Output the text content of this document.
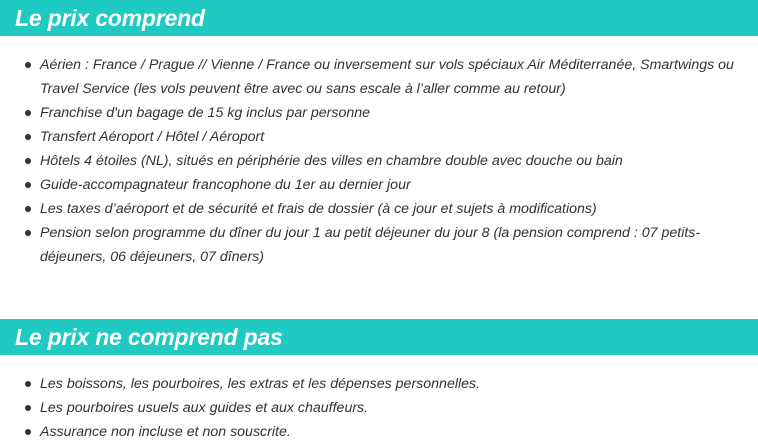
Le prix comprend
Aérien : France / Prague // Vienne / France ou inversement sur vols spéciaux Air Méditerranée, Smartwings ou Travel Service (les vols peuvent être avec ou sans escale à l’aller comme au retour)
Franchise d'un bagage de 15 kg inclus par personne
Transfert Aéroport / Hôtel / Aéroport
Hôtels 4 étoiles (NL), situés en périphérie des villes en chambre double avec douche ou bain
Guide-accompagnateur francophone du 1er au dernier jour
Les taxes d’aéroport et de sécurité et frais de dossier (à ce jour et sujets à modifications)
Pension selon programme du dîner du jour 1 au petit déjeuner du jour 8 (la pension comprend : 07 petits-déjeuners, 06 déjeuners, 07 dîners)
Le prix ne comprend pas
Les boissons, les pourboires, les extras et les dépenses personnelles.
Les pourboires usuels aux guides et aux chauffeurs.
Assurance non incluse et non souscrite.
